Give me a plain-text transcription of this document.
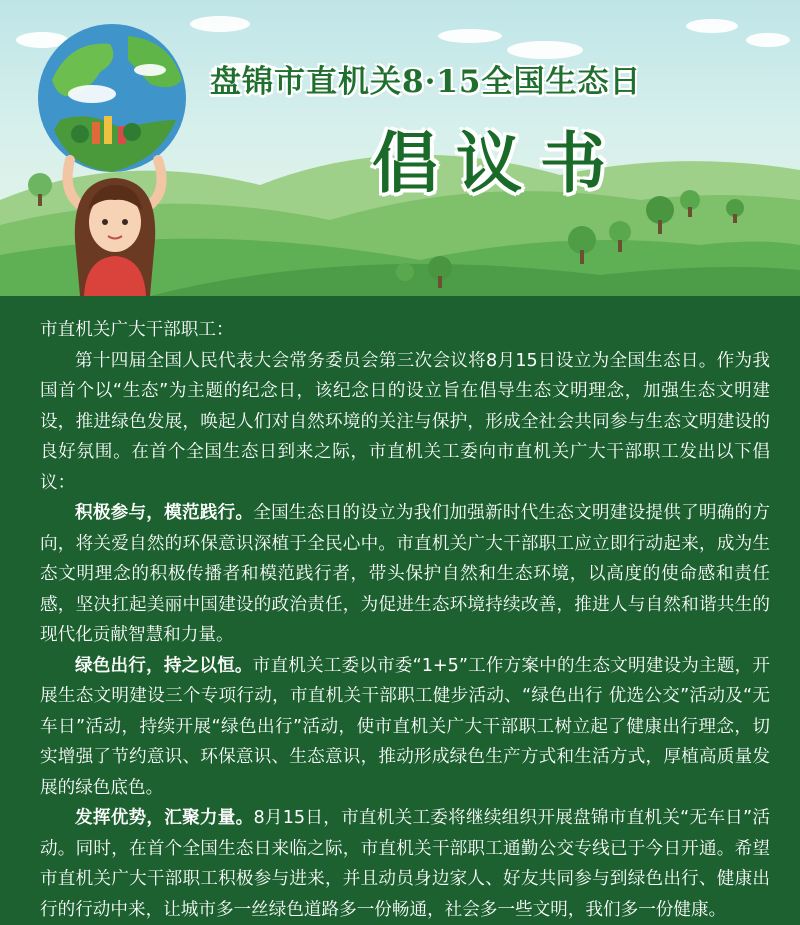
盘锦市直机关8·15全国生态日
倡议书

市直机关广大干部职工：

第十四届全国人民代表大会常务委员会第三次会议将8月15日设立为全国生态日。作为我国首个以“生态”为主题的纪念日，该纪念日的设立旨在倡导生态文明理念，加强生态文明建设，推进绿色发展，唤起人们对自然环境的关注与保护，形成全社会共同参与生态文明建设的良好氛围。在首个全国生态日到来之际，市直机关工委向市直机关广大干部职工发出以下倡议：

积极参与，模范践行。全国生态日的设立为我们加强新时代生态文明建设提供了明确的方向，将关爱自然的环保意识深植于全民心中。市直机关广大干部职工应立即行动起来，成为生态文明理念的积极传播者和模范践行者，带头保护自然和生态环境，以高度的使命感和责任感，坚决扛起美丽中国建设的政治责任，为促进生态环境持续改善，推进人与自然和谐共生的现代化贡献智慧和力量。

绿色出行，持之以恒。市直机关工委以市委“1+5”工作方案中的生态文明建设为主题，开展生态文明建设三个专项行动，市直机关干部职工健步活动、“绿色出行 优选公交”活动及“无车日”活动，持续开展“绿色出行”活动，使市直机关广大干部职工树立起了健康出行理念，切实增强了节约意识、环保意识、生态意识，推动形成绿色生产方式和生活方式，厚植高质量发展的绿色底色。

发挥优势，汇聚力量。8月15日，市直机关工委将继续组织开展盘锦市直机关“无车日”活动。同时，在首个全国生态日来临之际，市直机关干部职工通勤公交专线已于今日开通。希望市直机关广大干部职工积极参与进来，并且动员身边家人、好友共同参与到绿色出行、健康出行的行动中来，让城市多一丝绿色道路多一份畅通，社会多一些文明，我们多一份健康。
